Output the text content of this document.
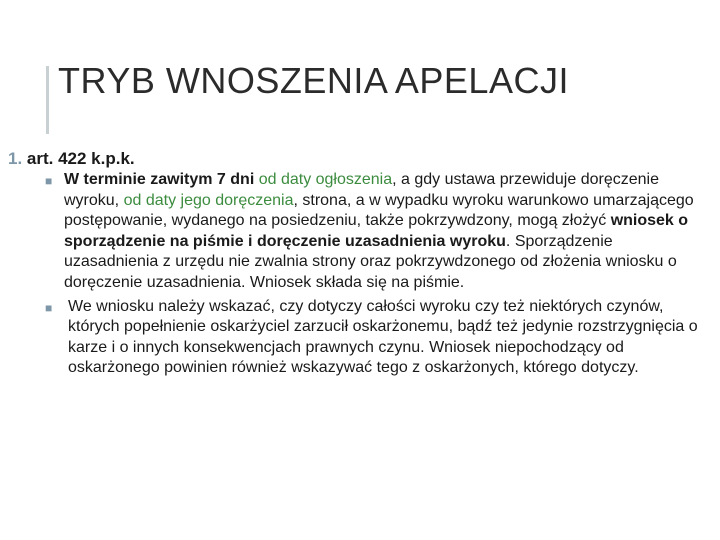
TRYB WNOSZENIA APELACJI
1. art. 422 k.p.k.
■ W terminie zawitym 7 dni od daty ogłoszenia, a gdy ustawa przewiduje doręczenie wyroku, od daty jego doręczenia, strona, a w wypadku wyroku warunkowo umarzającego postępowanie, wydanego na posiedzeniu, także pokrzywdzony, mogą złożyć wniosek o sporządzenie na piśmie i doręczenie uzasadnienia wyroku. Sporządzenie uzasadnienia z urzędu nie zwalnia strony oraz pokrzywdzonego od złożenia wniosku o doręczenie uzasadnienia. Wniosek składa się na piśmie.
■ We wniosku należy wskazać, czy dotyczy całości wyroku czy też niektórych czynów, których popełnienie oskarżyciel zarzucił oskarżonemu, bądź też jedynie rozstrzygnięcia o karze i o innych konsekwencjach prawnych czynu. Wniosek niepochodzący od oskarżonego powinien również wskazywać tego z oskarżonych, którego dotyczy.
